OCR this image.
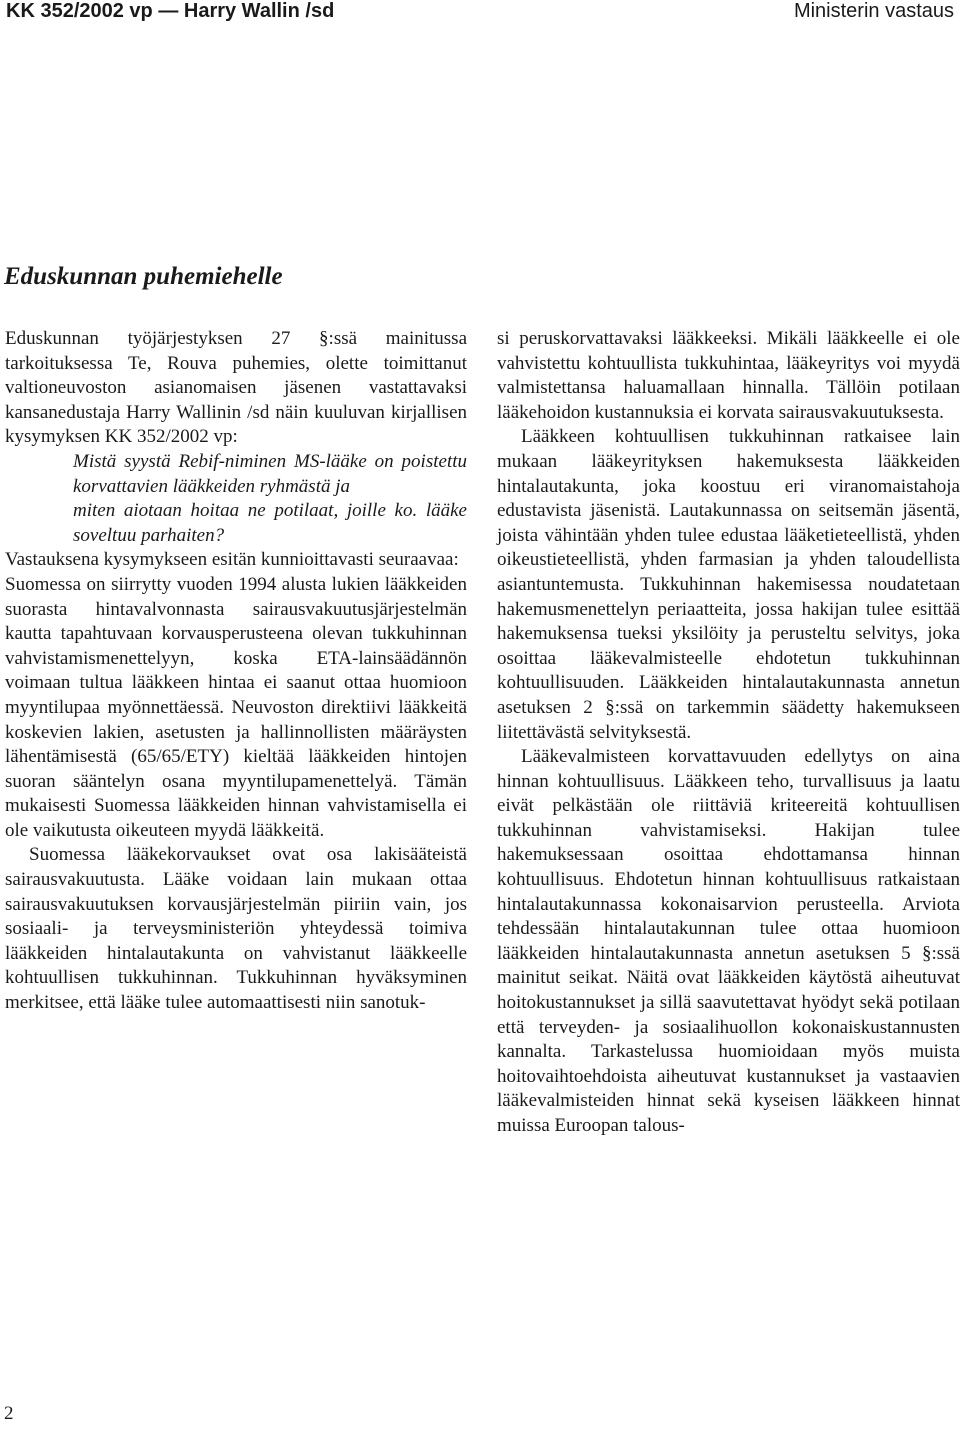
KK 352/2002 vp — Harry Wallin /sd	Ministerin vastaus
Eduskunnan puhemiehelle

Eduskunnan työjärjestyksen 27 §:ssä mainitussa tarkoituksessa Te, Rouva puhemies, olette toimittanut valtioneuvoston asianomaisen jäsenen vastattavaksi kansanedustaja Harry Wallinin /sd näin kuuluvan kirjallisen kysymyksen KK 352/2002 vp:

Mistä syystä Rebif-niminen MS-lääke on poistettu korvattavien lääkkeiden ryhmästä ja

miten aiotaan hoitaa ne potilaat, joille ko. lääke soveltuu parhaiten?

Vastauksena kysymykseen esitän kunnioittavasti seuraavaa:

Suomessa on siirrytty vuoden 1994 alusta lukien lääkkeiden suorasta hintavalvonnasta sairausvakuutusjärjestelmän kautta tapahtuvaan korvausperusteena olevan tukkuhinnan vahvistamismenettelyyn, koska ETA-lainsäädännön voimaan tultua lääkkeen hintaa ei saanut ottaa huomioon myyntilupaa myönnettäessä. Neuvoston direktiivi lääkkeitä koskevien lakien, asetusten ja hallinnollisten määräysten lähentämisestä (65/65/ETY) kieltää lääkkeiden hintojen suoran sääntelyn osana myyntilupamenettelyä. Tämän mukaisesti Suomessa lääkkeiden hinnan vahvistamisella ei ole vaikutusta oikeuteen myydä lääkkeitä.

Suomessa lääkekorvaukset ovat osa lakisääteistä sairausvakuutusta. Lääke voidaan lain mukaan ottaa sairausvakuutuksen korvausjärjestelmän piiriin vain, jos sosiaali- ja terveysministeriön yhteydessä toimiva lääkkeiden hintalautakunta on vahvistanut lääkkeelle kohtuullisen tukkuhinnan. Tukkuhinnan hyväksyminen merkitsee, että lääke tulee automaattisesti niin sanotuk-

si peruskorvattavaksi lääkkeeksi. Mikäli lääkkeelle ei ole vahvistettu kohtuullista tukkuhintaa, lääkeyritys voi myydä valmistettansa haluamallaan hinnalla. Tällöin potilaan lääkehoidon kustannuksia ei korvata sairausvakuutuksesta.

Lääkkeen kohtuullisen tukkuhinnan ratkaisee lain mukaan lääkeyrityksen hakemuksesta lääkkeiden hintalautakunta, joka koostuu eri viranomaistahoja edustavista jäsenistä. Lautakunnassa on seitsemän jäsentä, joista vähintään yhden tulee edustaa lääketieteellistä, yhden oikeustieteellistä, yhden farmasian ja yhden taloudellista asiantuntemusta. Tukkuhinnan hakemisessa noudatetaan hakemusmenettelyn periaatteita, jossa hakijan tulee esittää hakemuksensa tueksi yksilöity ja perusteltu selvitys, joka osoittaa lääkevalmisteelle ehdotetun tukkuhinnan kohtuullisuuden. Lääkkeiden hintalautakunnasta annetun asetuksen 2 §:ssä on tarkemmin säädetty hakemukseen liitettävästä selvityksestä.

Lääkevalmisteen korvattavuuden edellytys on aina hinnan kohtuullisuus. Lääkkeen teho, turvallisuus ja laatu eivät pelkästään ole riittäviä kriteereitä kohtuullisen tukkuhinnan vahvistamiseksi. Hakijan tulee hakemuksessaan osoittaa ehdottamansa hinnan kohtuullisuus. Ehdotetun hinnan kohtuullisuus ratkaistaan hintalautakunnassa kokonaisarvion perusteella. Arviota tehdessään hintalautakunnan tulee ottaa huomioon lääkkeiden hintalautakunnasta annetun asetuksen 5 §:ssä mainitut seikat. Näitä ovat lääkkeiden käytöstä aiheutuvat hoitokustannukset ja sillä saavutettavat hyödyt sekä potilaan että terveyden- ja sosiaalihuollon kokonaiskustannusten kannalta. Tarkastelussa huomioidaan myös muista hoitovaihtoehdoista aiheutuvat kustannukset ja vastaavien lääkevalmisteiden hinnat sekä kyseisen lääkkeen hinnat muissa Euroopan talous-

2
